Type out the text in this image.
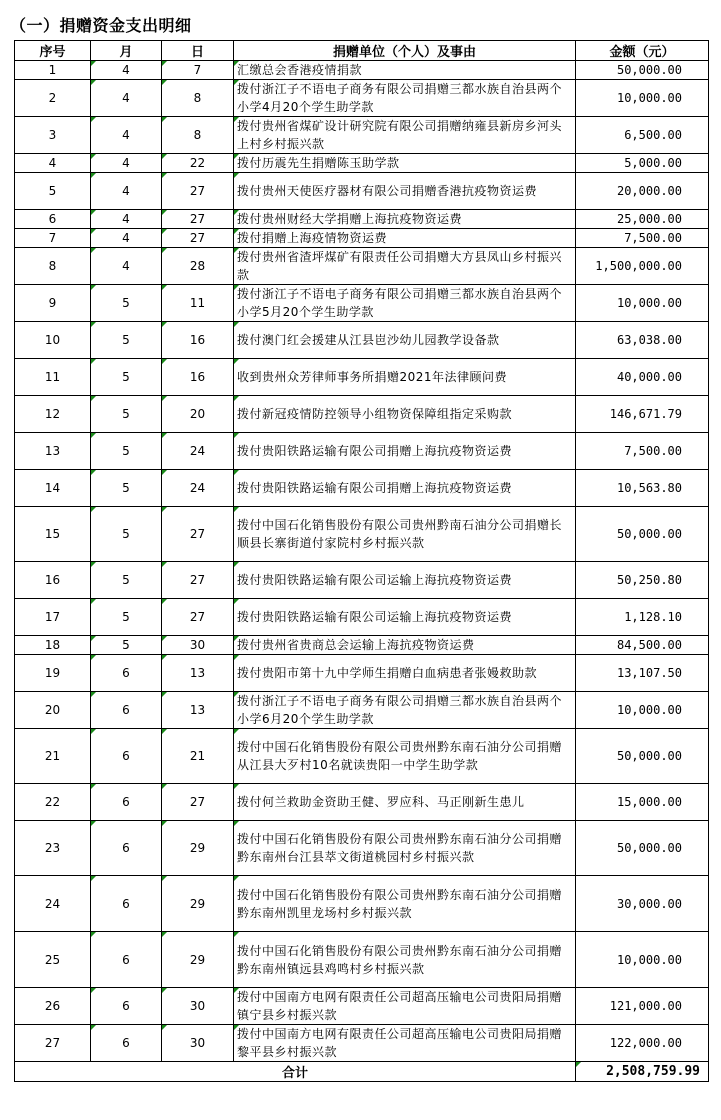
（一）捐赠资金支出明细
序号	月	日	捐赠单位（个人）及事由	金额（元）
1	4	7	汇缴总会香港疫情捐款	50,000.00
2	4	8	拨付浙江子不语电子商务有限公司捐赠三都水族自治县两个小学4月20个学生助学款	10,000.00
3	4	8	拨付贵州省煤矿设计研究院有限公司捐赠纳雍县新房乡河头上村乡村振兴款	6,500.00
4	4	22	拨付历震先生捐赠陈玉助学款	5,000.00
5	4	27	拨付贵州天使医疗器材有限公司捐赠香港抗疫物资运费	20,000.00
6	4	27	拨付贵州财经大学捐赠上海抗疫物资运费	25,000.00
7	4	27	拨付捐赠上海疫情物资运费	7,500.00
8	4	28	拨付贵州省渣坪煤矿有限责任公司捐赠大方县凤山乡村振兴款	1,500,000.00
9	5	11	拨付浙江子不语电子商务有限公司捐赠三都水族自治县两个小学5月20个学生助学款	10,000.00
10	5	16	拨付澳门红会援建从江县岜沙幼儿园教学设备款	63,038.00
11	5	16	收到贵州众芳律师事务所捐赠2021年法律顾问费	40,000.00
12	5	20	拨付新冠疫情防控领导小组物资保障组指定采购款	146,671.79
13	5	24	拨付贵阳铁路运输有限公司捐赠上海抗疫物资运费	7,500.00
14	5	24	拨付贵阳铁路运输有限公司捐赠上海抗疫物资运费	10,563.80
15	5	27	拨付中国石化销售股份有限公司贵州黔南石油分公司捐赠长顺县长寨街道付家院村乡村振兴款	50,000.00
16	5	27	拨付贵阳铁路运输有限公司运输上海抗疫物资运费	50,250.80
17	5	27	拨付贵阳铁路运输有限公司运输上海抗疫物资运费	1,128.10
18	5	30	拨付贵州省贵商总会运输上海抗疫物资运费	84,500.00
19	6	13	拨付贵阳市第十九中学师生捐赠白血病患者张嫚救助款	13,107.50
20	6	13	拨付浙江子不语电子商务有限公司捐赠三都水族自治县两个小学6月20个学生助学款	10,000.00
21	6	21	拨付中国石化销售股份有限公司贵州黔东南石油分公司捐赠从江县大歹村10名就读贵阳一中学生助学款	50,000.00
22	6	27	拨付何兰救助金资助王健、罗应科、马正刚新生患儿	15,000.00
23	6	29	拨付中国石化销售股份有限公司贵州黔东南石油分公司捐赠黔东南州台江县萃文街道桃园村乡村振兴款	50,000.00
24	6	29	拨付中国石化销售股份有限公司贵州黔东南石油分公司捐赠黔东南州凯里龙场村乡村振兴款	30,000.00
25	6	29	拨付中国石化销售股份有限公司贵州黔东南石油分公司捐赠黔东南州镇远县鸡鸣村乡村振兴款	10,000.00
26	6	30	拨付中国南方电网有限责任公司超高压输电公司贵阳局捐赠镇宁县乡村振兴款	121,000.00
27	6	30	拨付中国南方电网有限责任公司超高压输电公司贵阳局捐赠黎平县乡村振兴款	122,000.00
合计				2,508,759.99
